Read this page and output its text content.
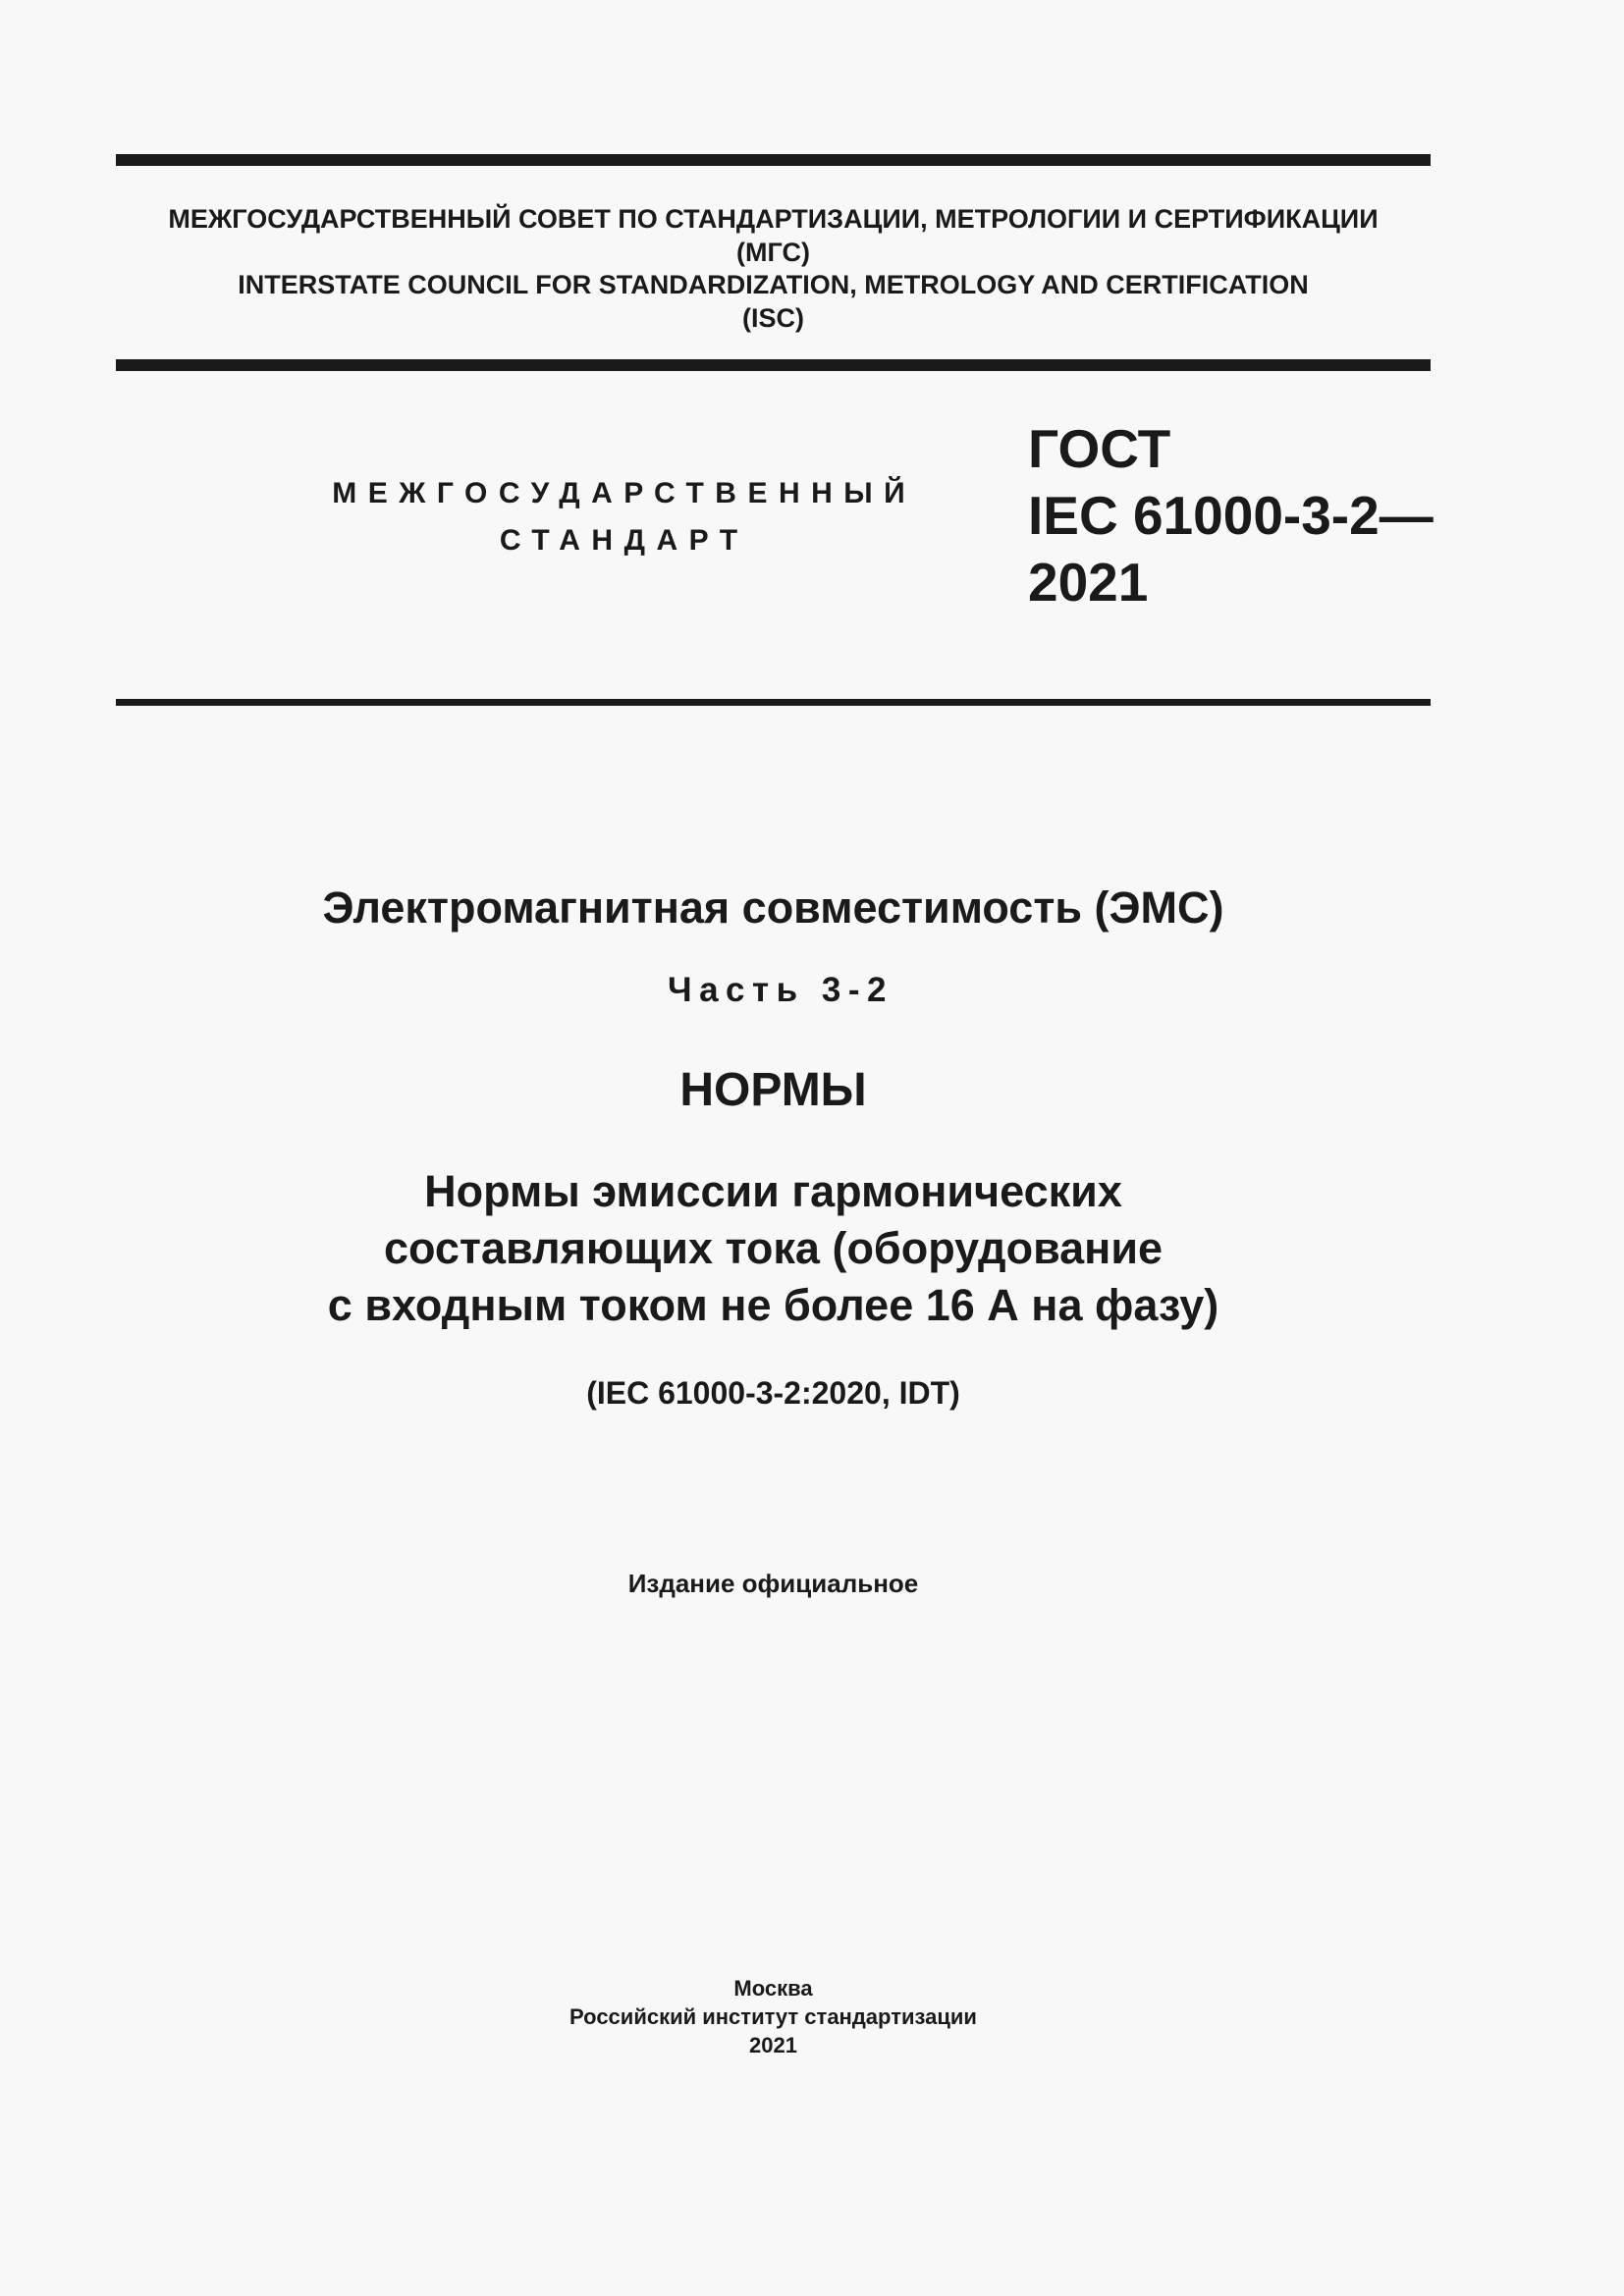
МЕЖГОСУДАРСТВЕННЫЙ СОВЕТ ПО СТАНДАРТИЗАЦИИ, МЕТРОЛОГИИ И СЕРТИФИКАЦИИ
(МГС)
INTERSTATE COUNCIL FOR STANDARDIZATION, METROLOGY AND CERTIFICATION
(ISC)
МЕЖГОСУДАРСТВЕННЫЙ
СТАНДАРТ
ГОСТ
IEC 61000-3-2—
2021
Электромагнитная совместимость (ЭМС)
Часть 3-2
НОРМЫ
Нормы эмиссии гармонических
составляющих тока (оборудование
с входным током не более 16 А на фазу)
(IEC 61000-3-2:2020, IDT)
Издание официальное
Москва
Российский институт стандартизации
2021
